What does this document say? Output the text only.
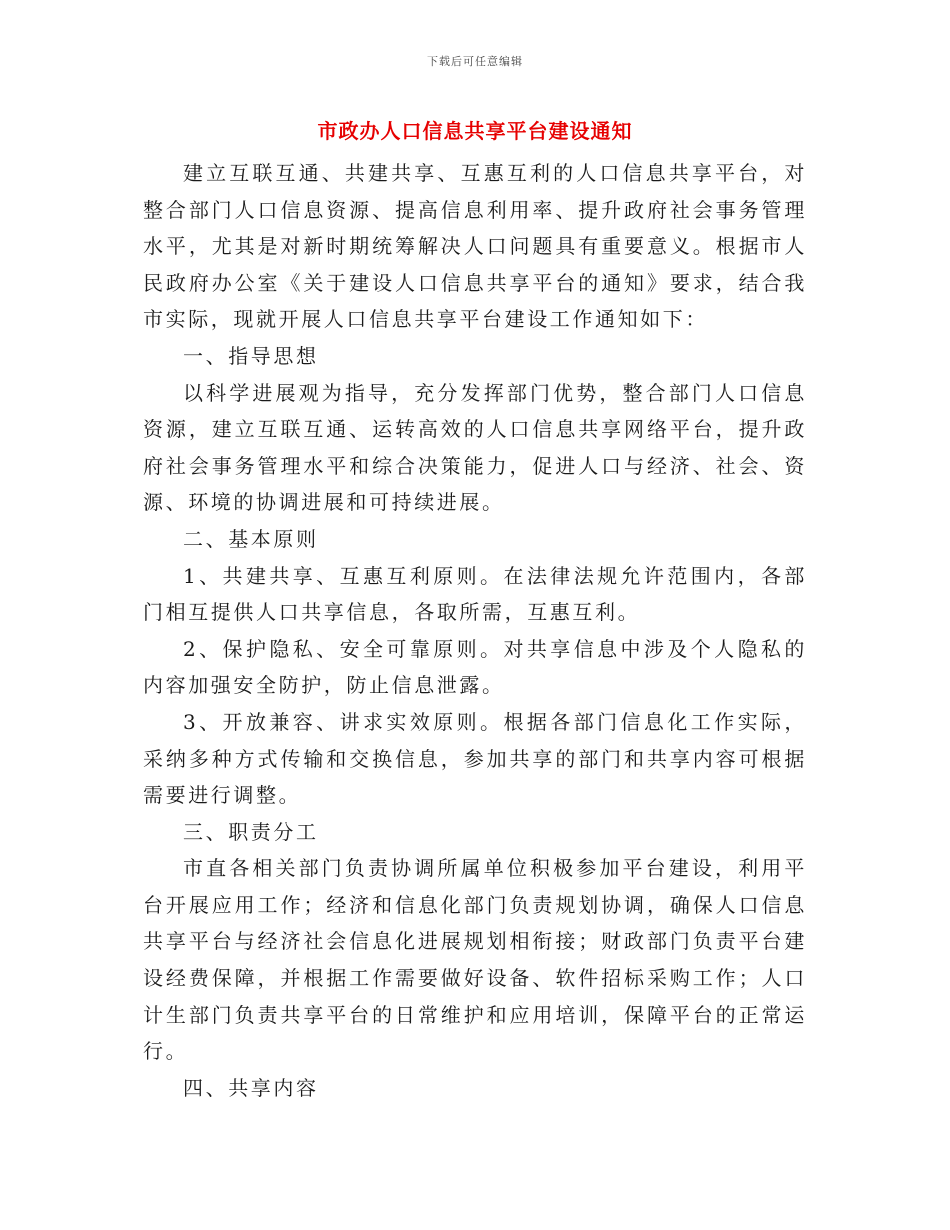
下载后可任意编辑
市政办人口信息共享平台建设通知

建立互联互通、共建共享、互惠互利的人口信息共享平台，对整合部门人口信息资源、提高信息利用率、提升政府社会事务管理水平，尤其是对新时期统筹解决人口问题具有重要意义。根据市人民政府办公室《关于建设人口信息共享平台的通知》要求，结合我市实际，现就开展人口信息共享平台建设工作通知如下：

一、指导思想

以科学进展观为指导，充分发挥部门优势，整合部门人口信息资源，建立互联互通、运转高效的人口信息共享网络平台，提升政府社会事务管理水平和综合决策能力，促进人口与经济、社会、资源、环境的协调进展和可持续进展。

二、基本原则

1、共建共享、互惠互利原则。在法律法规允许范围内，各部门相互提供人口共享信息，各取所需，互惠互利。

2、保护隐私、安全可靠原则。对共享信息中涉及个人隐私的内容加强安全防护，防止信息泄露。

3、开放兼容、讲求实效原则。根据各部门信息化工作实际，采纳多种方式传输和交换信息，参加共享的部门和共享内容可根据需要进行调整。

三、职责分工

市直各相关部门负责协调所属单位积极参加平台建设，利用平台开展应用工作；经济和信息化部门负责规划协调，确保人口信息共享平台与经济社会信息化进展规划相衔接；财政部门负责平台建设经费保障，并根据工作需要做好设备、软件招标采购工作；人口计生部门负责共享平台的日常维护和应用培训，保障平台的正常运行。

四、共享内容
